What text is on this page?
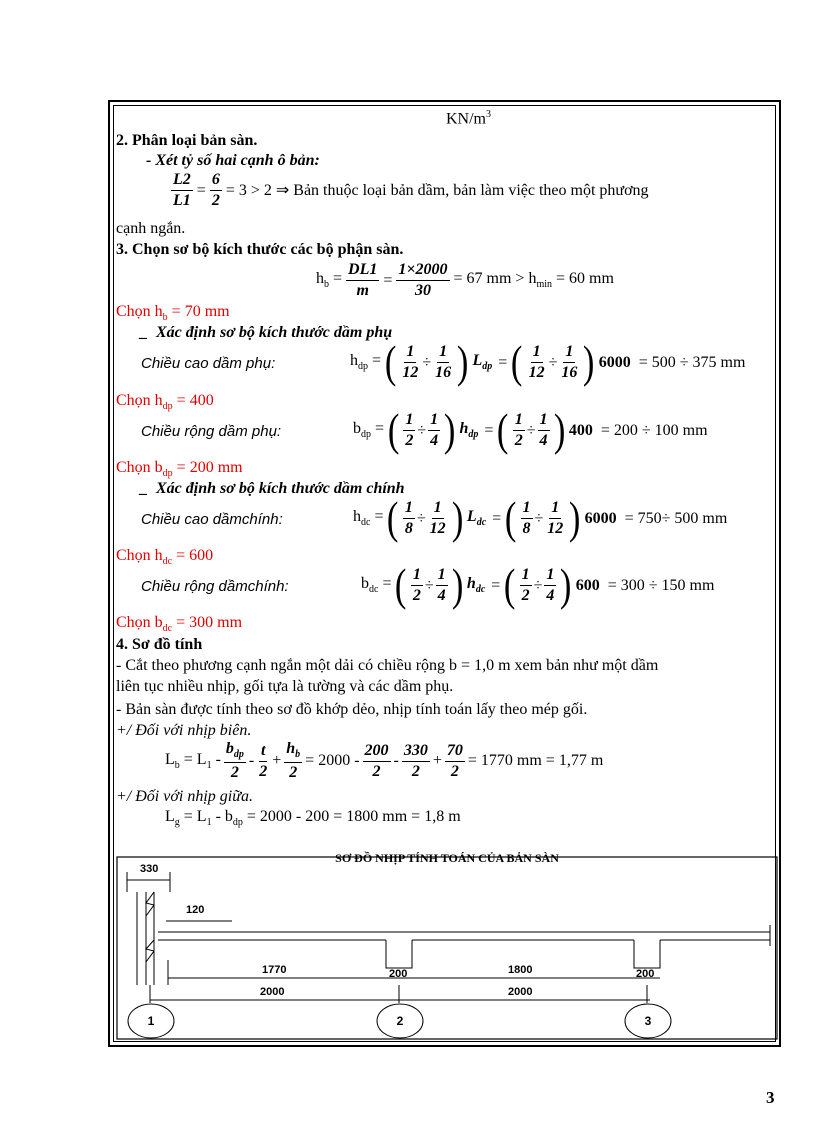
$KN/m^3$
2. Phân loại bản sàn.
- Xét tỷ số hai cạnh ô bản:
$\frac{L2}{L1} = \frac{6}{2} = 3 > 2$ ⇒ Bản thuộc loại bản dầm, bản làm việc theo một phương
cạnh ngắn.
3. Chọn sơ bộ kích thước các bộ phận sàn.
$h_b = \frac{DL1}{m} = \frac{1\times 2000}{30} = 67$ mm > $h_{min} = 60$ mm
Chọn $h_b = 70$ mm
_  Xác định sơ bộ kích thước dầm phụ
Chiều cao dầm phụ:	$h_{dp}$ = ( $\frac{1}{12} \div \frac{1}{16}$ ) $L_{dp}$ = ( $\frac{1}{12} \div \frac{1}{16}$ ) 6000
= 500 ÷ 375 mm
Chọn $h_{dp} = 400$
Chiều rộng dầm phụ:	$b_{dp}$ = ( $\frac{1}{2} \div \frac{1}{4}$ ) $h_{dp}$ = ( $\frac{1}{2} \div \frac{1}{4}$ ) 400
= 200 ÷ 100 mm
Chọn $b_{dp} = 200$ mm
_  Xác định sơ bộ kích thước dầm chính
Chiều cao dầmchính:	$h_{dc}$ = ( $\frac{1}{8} \div \frac{1}{12}$ ) $L_{dc}$ = ( $\frac{1}{8} \div \frac{1}{12}$ ) 6000
= 750÷ 500 mm
Chọn $h_{dc} = 600$
Chiều rộng dầmchính:	$b_{dc}$ = ( $\frac{1}{2} \div \frac{1}{4}$ ) $h_{dc}$ = ( $\frac{1}{2} \div \frac{1}{4}$ ) 600
= 300 ÷ 150 mm
Chọn $b_{dc} = 300$ mm
4. Sơ đồ tính
- Cắt theo phương cạnh ngắn một dải có chiều rộng b = 1,0 m xem bản như một dầm
liên tục nhiều nhịp, gối tựa là tường và các dầm phụ.
- Bản sàn được tính theo sơ đồ khớp dẻo, nhịp tính toán lấy theo mép gối.
+/ Đối với nhịp biên.
$L_b = L_1 - \frac{b_{dp}}{2} - \frac{t}{2} + \frac{h_b}{2} = 2000 - \frac{200}{2} - \frac{330}{2} + \frac{70}{2} = 1770$ mm = 1,77 m
+/ Đối với nhịp giữa.
$L_g = L_1 - b_{dp} = 2000 - 200 = 1800$ mm = 1,8 m
SƠ ĐỒ NHỊP TÍNH TOÁN CỦA BẢN SÀN
330
120
1770	200	1800	200
2000	2000
1	2	3
3
